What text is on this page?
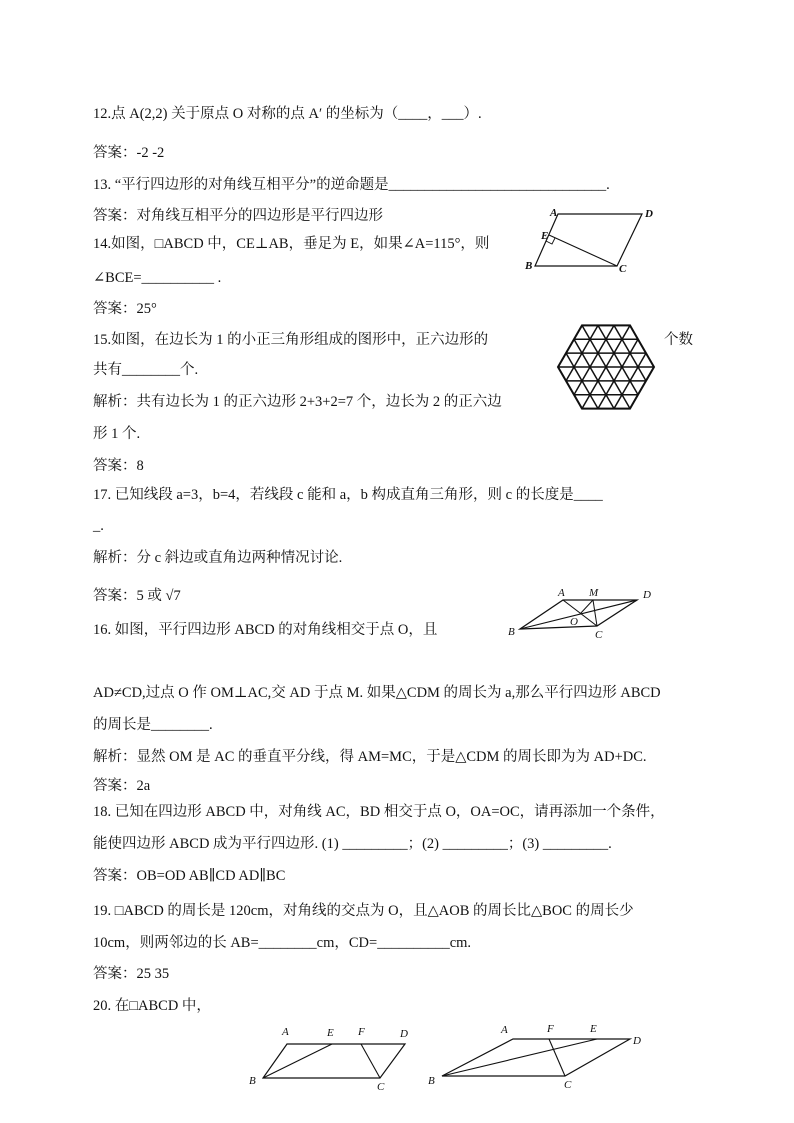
12.点 A(2,2) 关于原点 O 对称的点 A′ 的坐标为（____，___）.
答案：-2 -2
13. “平行四边形的对角线互相平分”的逆命题是______________________________.
答案：对角线互相平分的四边形是平行四边形
14.如图，□ABCD 中，CE⊥AB，垂足为 E，如果∠A=115°，则
∠BCE=__________ .
答案：25°
15.如图，在边长为 1 的小正三角形组成的图形中，正六边形的	个数
共有________个.
解析：共有边长为 1 的正六边形 2+3+2=7 个，边长为 2 的正六边
形 1 个.
答案：8
17. 已知线段 a=3，b=4，若线段 c 能和 a，b 构成直角三角形，则 c 的长度是____
_.
解析：分 c 斜边或直角边两种情况讨论.
答案：5 或 √7
16. 如图，平行四边形 ABCD 的对角线相交于点 O，且
AD≠CD,过点 O 作 OM⊥AC,交 AD 于点 M. 如果△CDM 的周长为 a,那么平行四边形 ABCD
的周长是________.
解析：显然 OM 是 AC 的垂直平分线，得 AM=MC，于是△CDM 的周长即为为 AD+DC.
答案：2a
18. 已知在四边形 ABCD 中，对角线 AC，BD 相交于点 O，OA=OC，请再添加一个条件，
能使四边形 ABCD 成为平行四边形. (1) _________；(2) _________；(3) _________.
答案：OB=OD AB∥CD AD∥BC
19. □ABCD 的周长是 120cm，对角线的交点为 O，且△AOB 的周长比△BOC 的周长少
10cm，则两邻边的长 AB=________cm，CD=__________cm.
答案：25 35
20. 在□ABCD 中，
A	D
E
B	C
A M	D
B
O
C
A	E F	D
B	C
A	F	E
D
B	C
